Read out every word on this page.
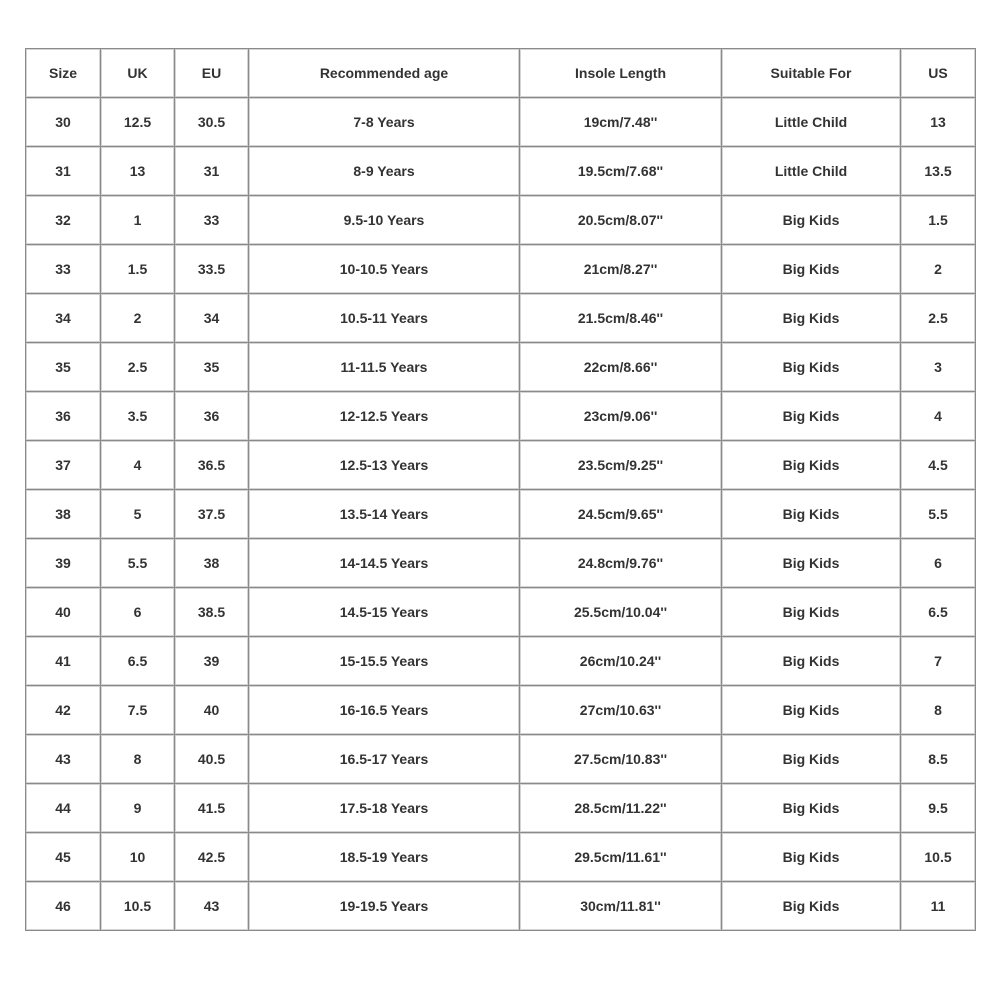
Size	UK	EU	Recommended age	Insole Length	Suitable For	US
30	12.5	30.5	7-8 Years	19cm/7.48''	Little Child	13
31	13	31	8-9 Years	19.5cm/7.68''	Little Child	13.5
32	1	33	9.5-10 Years	20.5cm/8.07''	Big Kids	1.5
33	1.5	33.5	10-10.5 Years	21cm/8.27''	Big Kids	2
34	2	34	10.5-11 Years	21.5cm/8.46''	Big Kids	2.5
35	2.5	35	11-11.5 Years	22cm/8.66''	Big Kids	3
36	3.5	36	12-12.5 Years	23cm/9.06''	Big Kids	4
37	4	36.5	12.5-13 Years	23.5cm/9.25''	Big Kids	4.5
38	5	37.5	13.5-14 Years	24.5cm/9.65''	Big Kids	5.5
39	5.5	38	14-14.5 Years	24.8cm/9.76''	Big Kids	6
40	6	38.5	14.5-15 Years	25.5cm/10.04''	Big Kids	6.5
41	6.5	39	15-15.5 Years	26cm/10.24''	Big Kids	7
42	7.5	40	16-16.5 Years	27cm/10.63''	Big Kids	8
43	8	40.5	16.5-17 Years	27.5cm/10.83''	Big Kids	8.5
44	9	41.5	17.5-18 Years	28.5cm/11.22''	Big Kids	9.5
45	10	42.5	18.5-19 Years	29.5cm/11.61''	Big Kids	10.5
46	10.5	43	19-19.5 Years	30cm/11.81''	Big Kids	11
